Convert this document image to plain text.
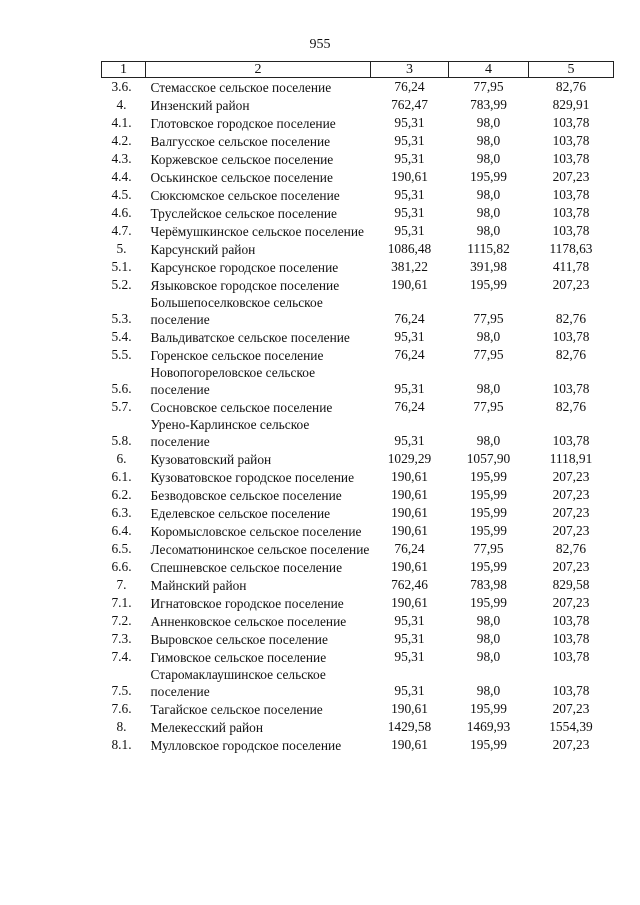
955
1	2	3	4	5
3.6.	Стемасское сельское поселение	76,24	77,95	82,76
4.	Инзенский район	762,47	783,99	829,91
4.1.	Глотовское городское поселение	95,31	98,0	103,78
4.2.	Валгусское сельское поселение	95,31	98,0	103,78
4.3.	Коржевское сельское поселение	95,31	98,0	103,78
4.4.	Оськинское сельское поселение	190,61	195,99	207,23
4.5.	Сюксюмское сельское поселение	95,31	98,0	103,78
4.6.	Труслейское сельское поселение	95,31	98,0	103,78
4.7.	Черёмушкинское сельское поселение	95,31	98,0	103,78
5.	Карсунский район	1086,48	1115,82	1178,63
5.1.	Карсунское городское поселение	381,22	391,98	411,78
5.2.	Языковское городское поселение	190,61	195,99	207,23
5.3.	Большепоселковское сельское поселение	76,24	77,95	82,76
5.4.	Вальдиватское сельское поселение	95,31	98,0	103,78
5.5.	Горенское сельское поселение	76,24	77,95	82,76
5.6.	Новопогореловское сельское поселение	95,31	98,0	103,78
5.7.	Сосновское сельское поселение	76,24	77,95	82,76
5.8.	Урено-Карлинское сельское поселение	95,31	98,0	103,78
6.	Кузоватовский район	1029,29	1057,90	1118,91
6.1.	Кузоватовское городское поселение	190,61	195,99	207,23
6.2.	Безводовское сельское поселение	190,61	195,99	207,23
6.3.	Еделевское сельское поселение	190,61	195,99	207,23
6.4.	Коромысловское сельское поселение	190,61	195,99	207,23
6.5.	Лесоматюнинское сельское поселение	76,24	77,95	82,76
6.6.	Спешневское сельское поселение	190,61	195,99	207,23
7.	Майнский район	762,46	783,98	829,58
7.1.	Игнатовское городское поселение	190,61	195,99	207,23
7.2.	Анненковское сельское поселение	95,31	98,0	103,78
7.3.	Выровское сельское поселение	95,31	98,0	103,78
7.4.	Гимовское сельское поселение	95,31	98,0	103,78
7.5.	Старомаклаушинское сельское поселение	95,31	98,0	103,78
7.6.	Тагайское сельское поселение	190,61	195,99	207,23
8.	Мелекесский район	1429,58	1469,93	1554,39
8.1.	Мулловское городское поселение	190,61	195,99	207,23
